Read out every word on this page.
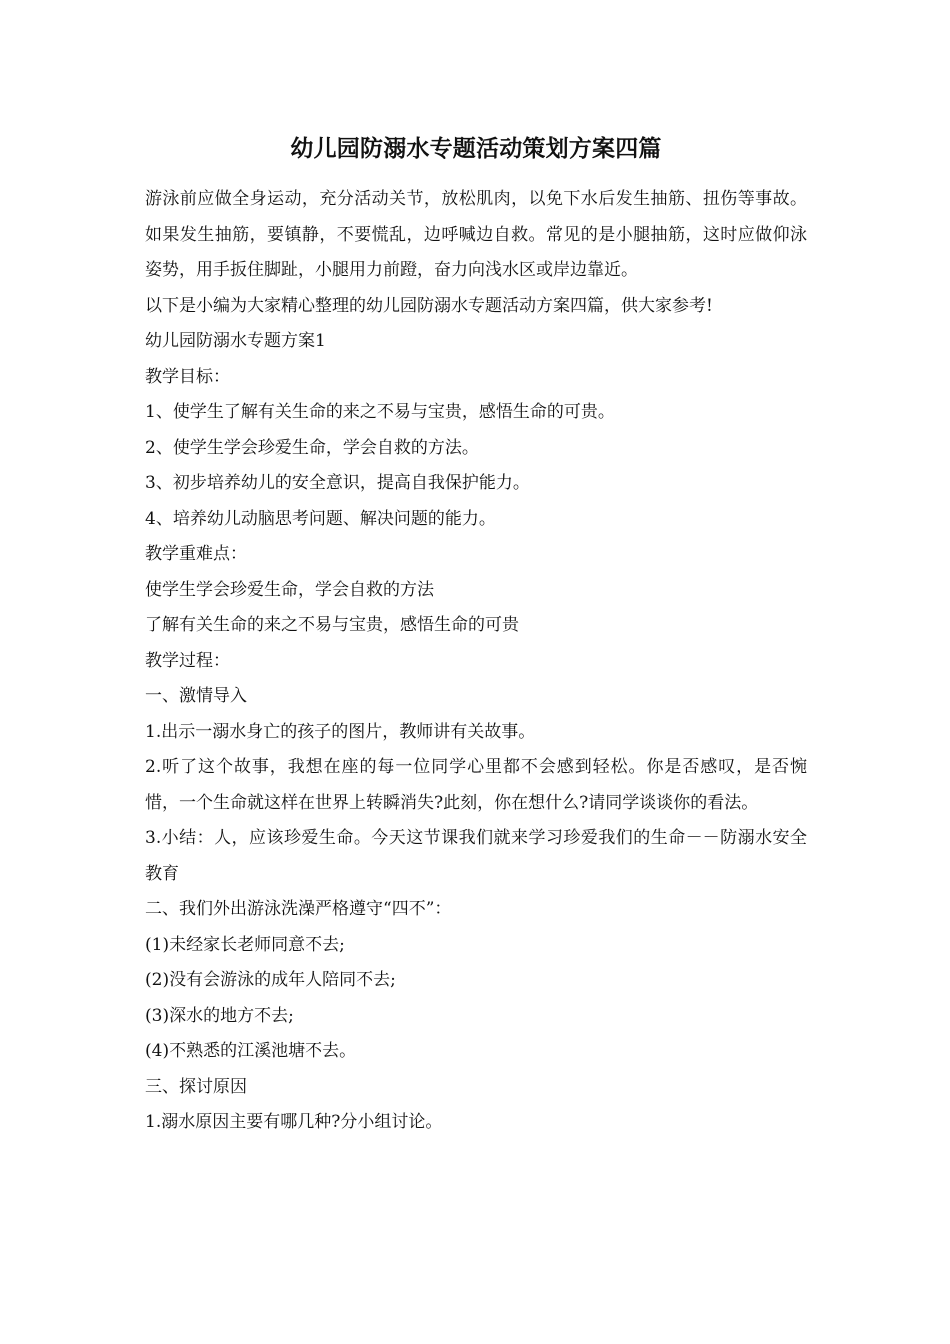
幼儿园防溺水专题活动策划方案四篇

游泳前应做全身运动，充分活动关节，放松肌肉，以免下水后发生抽筋、扭伤等事故。如果发生抽筋，要镇静，不要慌乱，边呼喊边自救。常见的是小腿抽筋，这时应做仰泳姿势，用手扳住脚趾，小腿用力前蹬，奋力向浅水区或岸边靠近。

以下是小编为大家精心整理的幼儿园防溺水专题活动方案四篇，供大家参考!

幼儿园防溺水专题方案1

教学目标：

1、使学生了解有关生命的来之不易与宝贵，感悟生命的可贵。

2、使学生学会珍爱生命，学会自救的方法。

3、初步培养幼儿的安全意识，提高自我保护能力。

4、培养幼儿动脑思考问题、解决问题的能力。

教学重难点：

使学生学会珍爱生命，学会自救的方法

了解有关生命的来之不易与宝贵，感悟生命的可贵

教学过程：

一、激情导入

1.出示一溺水身亡的孩子的图片，教师讲有关故事。

2.听了这个故事，我想在座的每一位同学心里都不会感到轻松。你是否感叹，是否惋惜，一个生命就这样在世界上转瞬消失?此刻，你在想什么?请同学谈谈你的看法。

3.小结：人，应该珍爱生命。今天这节课我们就来学习珍爱我们的生命－－防溺水安全教育

二、我们外出游泳洗澡严格遵守“四不”：

(1)未经家长老师同意不去;

(2)没有会游泳的成年人陪同不去;

(3)深水的地方不去;

(4)不熟悉的江溪池塘不去。

三、探讨原因

1.溺水原因主要有哪几种?分小组讨论。
